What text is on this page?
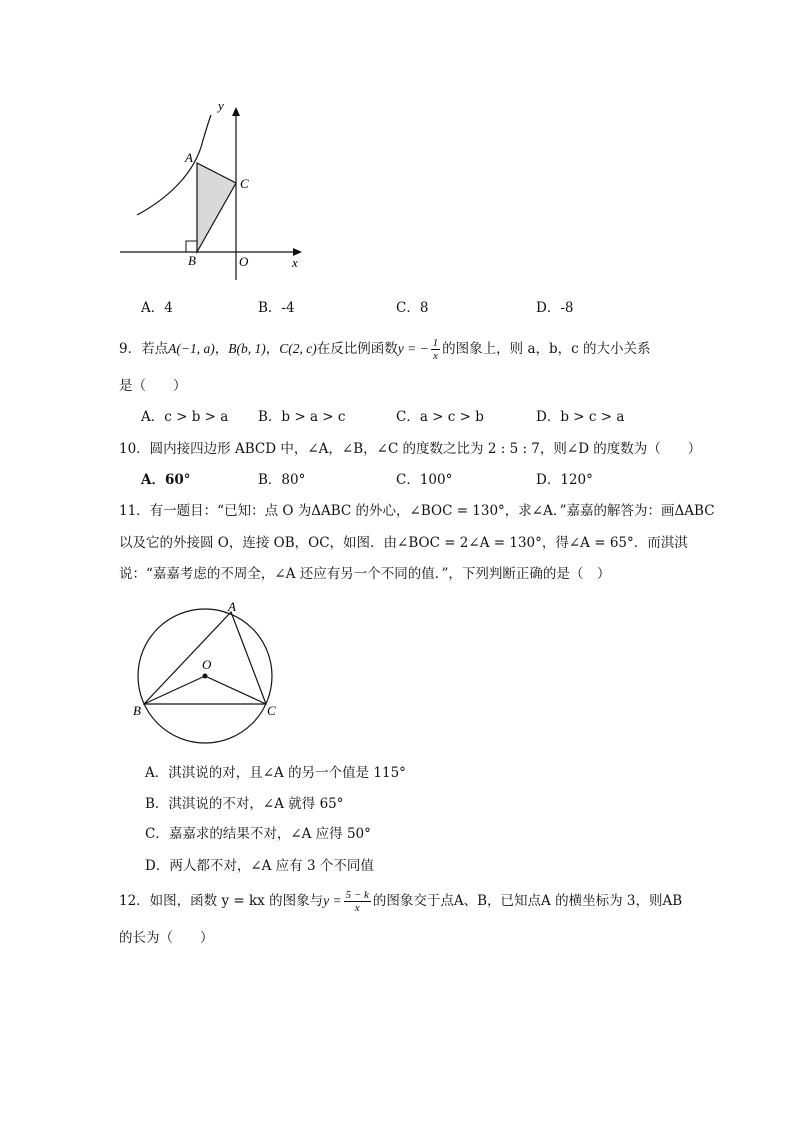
y
x
A
B
C
O
A．4	B．-4	C．8	D．-8
9．若点A(−1, a)，B(b, 1)，C(2, c)在反比例函数y = − $\frac{1}{x}$ 的图象上，则 a，b，c 的大小关系
是（　　）
A．c > b > a B．b > a > c	C．a > c > b	D．b > c > a
10．圆内接四边形 ABCD 中，∠A，∠B，∠C 的度数之比为 2 : 5 : 7，则∠D 的度数为（　　）
A．60°	B．80°	C．100°	D．120°
11．有一题目：“已知：点 O 为ΔABC 的外心，∠BOC = 130°，求∠A．”嘉嘉的解答为：画ΔABC
以及它的外接圆 O，连接 OB，OC，如图．由∠BOC = 2∠A = 130°，得∠A = 65°．而淇淇
说：“嘉嘉考虑的不周全，∠A 还应有另一个不同的值．”，下列判断正确的是（　）
A
B	C
O
A．淇淇说的对，且∠A 的另一个值是 115°
B．淇淇说的不对，∠A 就得 65°
C．嘉嘉求的结果不对，∠A 应得 50°
D．两人都不对，∠A 应有 3 个不同值
12．如图，函数 y = kx 的图象与$y = \frac{5 - k}{x}$ 的图象交于点A、B，已知点A 的横坐标为 3，则AB
的长为（　　）
